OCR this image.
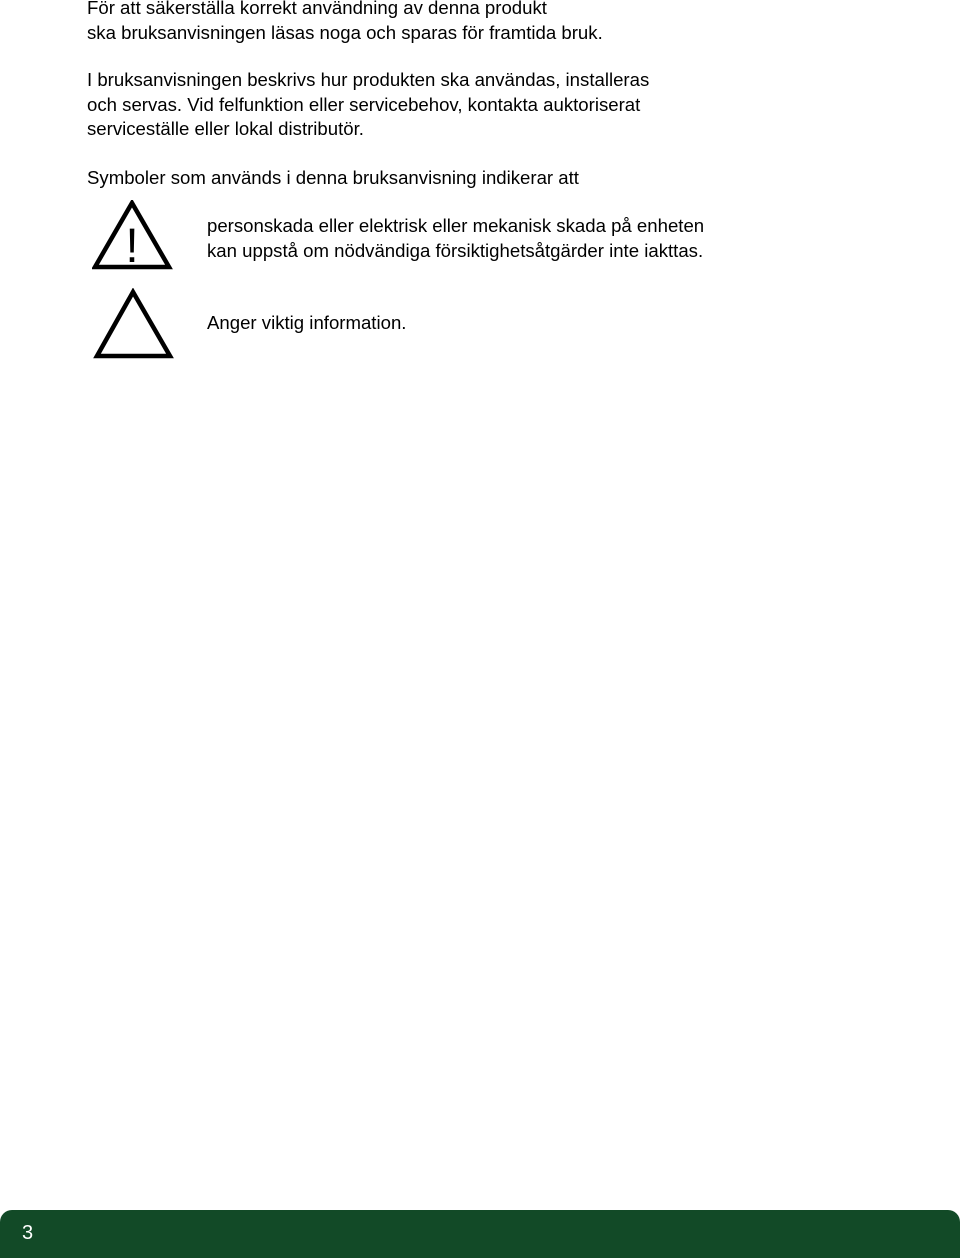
För att säkerställa korrekt användning av denna produkt
ska bruksanvisningen läsas noga och sparas för framtida bruk.

I bruksanvisningen beskrivs hur produkten ska användas, installeras
och servas. Vid felfunktion eller servicebehov, kontakta auktoriserat
serviceställe eller lokal distributör.

Symboler som används i denna bruksanvisning indikerar att

!	personskada eller elektrisk eller mekanisk skada på enheten
kan uppstå om nödvändiga försiktighetsåtgärder inte iakttas.

Anger viktig information.

3
